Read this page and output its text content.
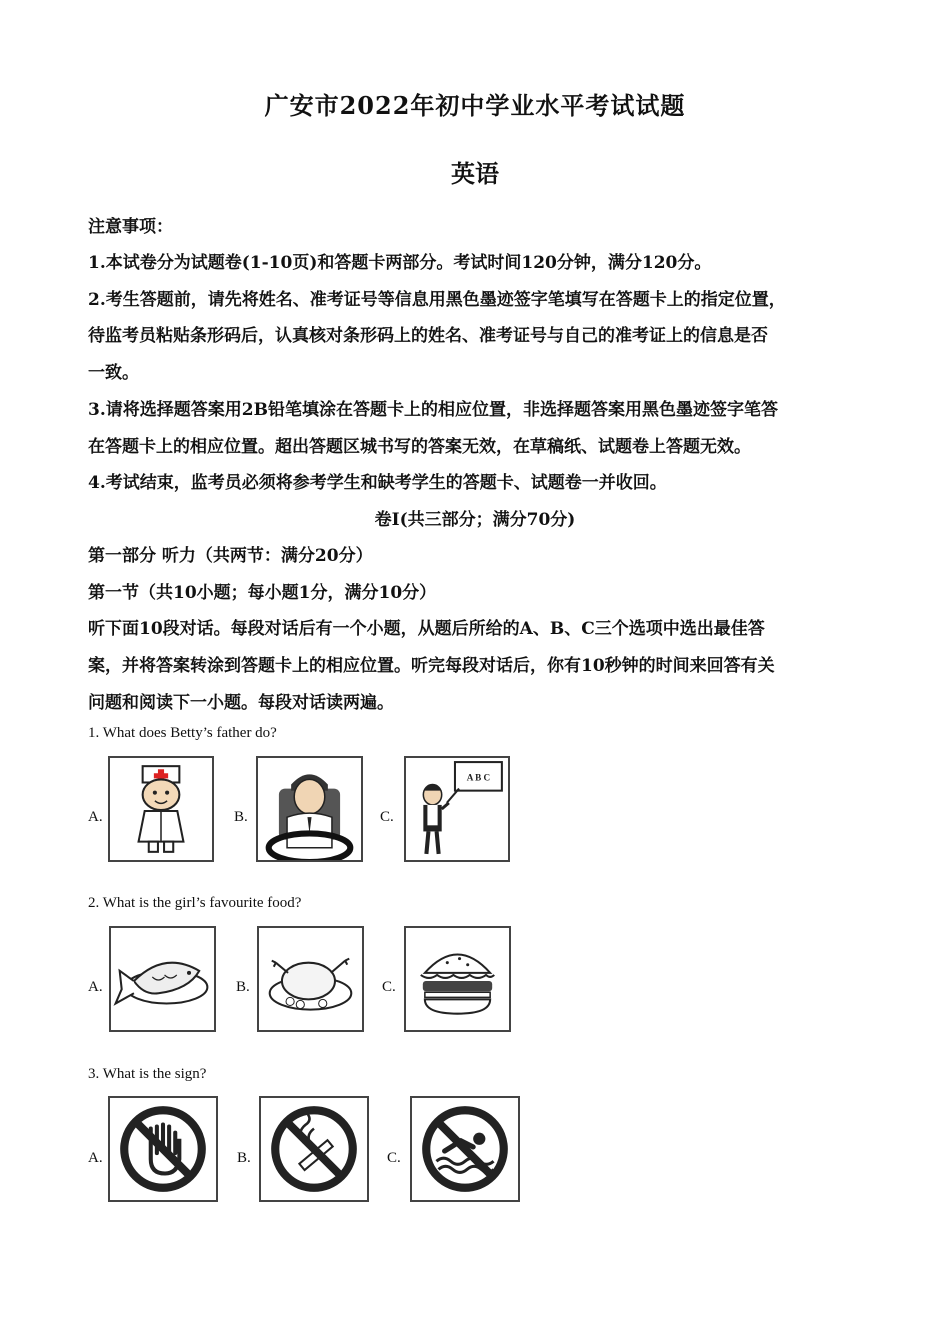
广安市2022年初中学业水平考试试题
英语
注意事项：
1.本试卷分为试题卷(1-10页)和答题卡两部分。考试时间120分钟，满分120分。
2.考生答题前，请先将姓名、准考证号等信息用黑色墨迹签字笔填写在答题卡上的指定位置，
待监考员粘贴条形码后，认真核对条形码上的姓名、准考证号与自己的准考证上的信息是否
一致。
3.请将选择题答案用2B铅笔填涂在答题卡上的相应位置，非选择题答案用黑色墨迹签字笔答
在答题卡上的相应位置。超出答题区城书写的答案无效，在草稿纸、试题卷上答题无效。
4.考试结束，监考员必须将参考学生和缺考学生的答题卡、试题卷一并收回。
卷Ⅰ(共三部分；满分70分)
第一部分 听力（共两节：满分20分）
第一节（共10小题；每小题1分，满分10分）
听下面10段对话。每段对话后有一个小题，从题后所给的A、B、C三个选项中选出最佳答
案，并将答案转涂到答题卡上的相应位置。听完每段对话后，你有10秒钟的时间来回答有关
问题和阅读下一小题。每段对话读两遍。
1. What does Betty’s father do?
A.	B.	C.
A B C
2. What is the girl’s favourite food?
A.	B.	C.
3. What is the sign?
A.	B.	C.
